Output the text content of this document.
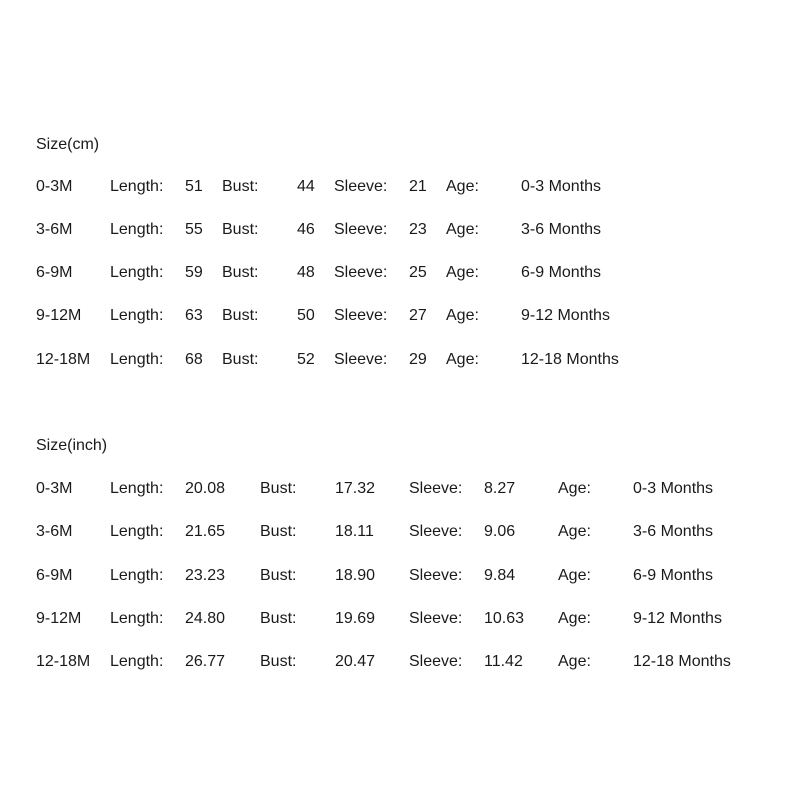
Size(cm)
0-3M Length: 51 Bust: 44 Sleeve: 21 Age:	0-3 Months
3-6M Length: 55 Bust: 46 Sleeve: 23 Age:	3-6 Months
6-9M Length: 59 Bust: 48 Sleeve: 25 Age:	6-9 Months
9-12M Length: 63 Bust: 50 Sleeve: 27 Age:	9-12 Months
12-18M Length: 68 Bust: 52 Sleeve: 29 Age:	12-18 Months
Size(inch)
0-3M Length: 20.08 Bust: 17.32 Sleeve: 8.27	Age:	0-3 Months
3-6M Length: 21.65 Bust: 18.11 Sleeve: 9.06	Age:	3-6 Months
6-9M Length: 23.23 Bust: 18.90 Sleeve: 9.84	Age:	6-9 Months
9-12M Length: 24.80 Bust: 19.69 Sleeve: 10.63 Age:	9-12 Months
12-18M Length: 26.77 Bust: 20.47 Sleeve: 11.42 Age:	12-18 Months
